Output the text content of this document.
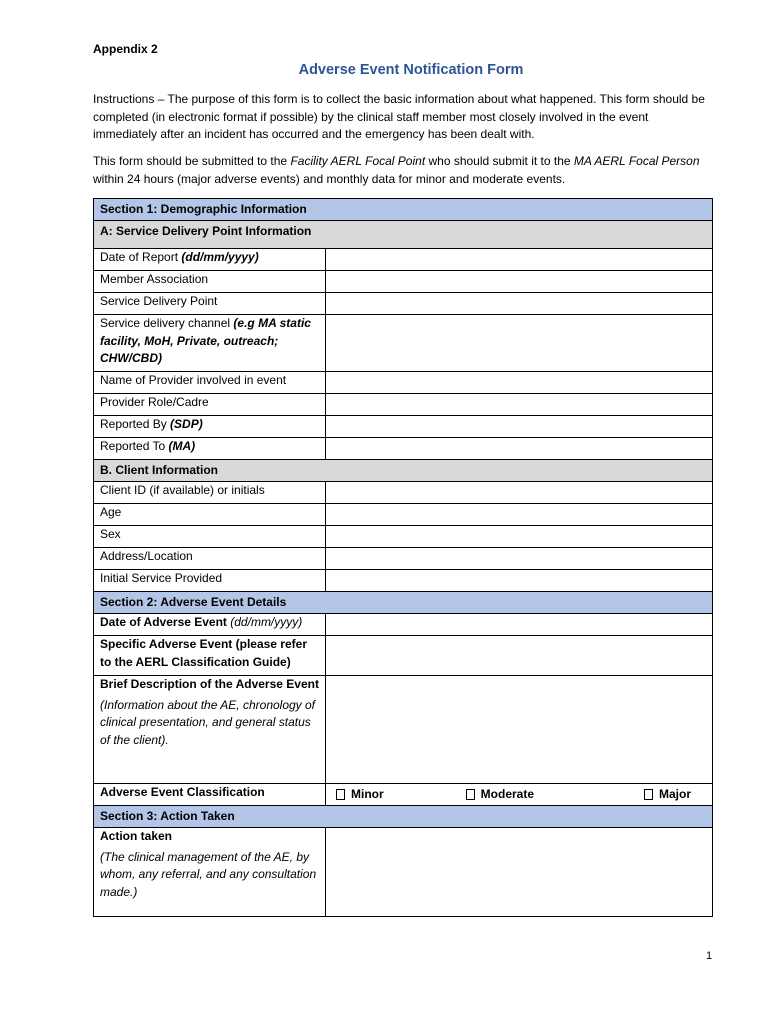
Appendix 2
Adverse Event Notification Form
Instructions – The purpose of this form is to collect the basic information about what happened. This form should be completed (in electronic format if possible) by the clinical staff member most closely involved in the event immediately after an incident has occurred and the emergency has been dealt with.
This form should be submitted to the Facility AERL Focal Point who should submit it to the MA AERL Focal Person within 24 hours (major adverse events) and monthly data for minor and moderate events.
Section 1: Demographic Information	
A: Service Delivery Point Information	
Date of Report (dd/mm/yyyy)	
Member Association	
Service Delivery Point	
Service delivery channel (e.g MA static facility, MoH, Private, outreach; CHW/CBD)	
Name of Provider involved in event	
Provider Role/Cadre	
Reported By (SDP)	
Reported To (MA)	
B. Client Information	
Client ID (if available) or initials	
Age	
Sex	
Address/Location	
Initial Service Provided	
Section 2: Adverse Event Details	
Date of Adverse Event (dd/mm/yyyy)	
Specific Adverse Event (please refer to the AERL Classification Guide)	
Brief Description of the Adverse Event
(Information about the AE, chronology of clinical presentation, and general status of the client).	

Adverse Event Classification	Minor Moderate Major

Section 3: Action Taken	
Action taken
(The clinical management of the AE, by whom, any referral, and any consultation made.)	

1
